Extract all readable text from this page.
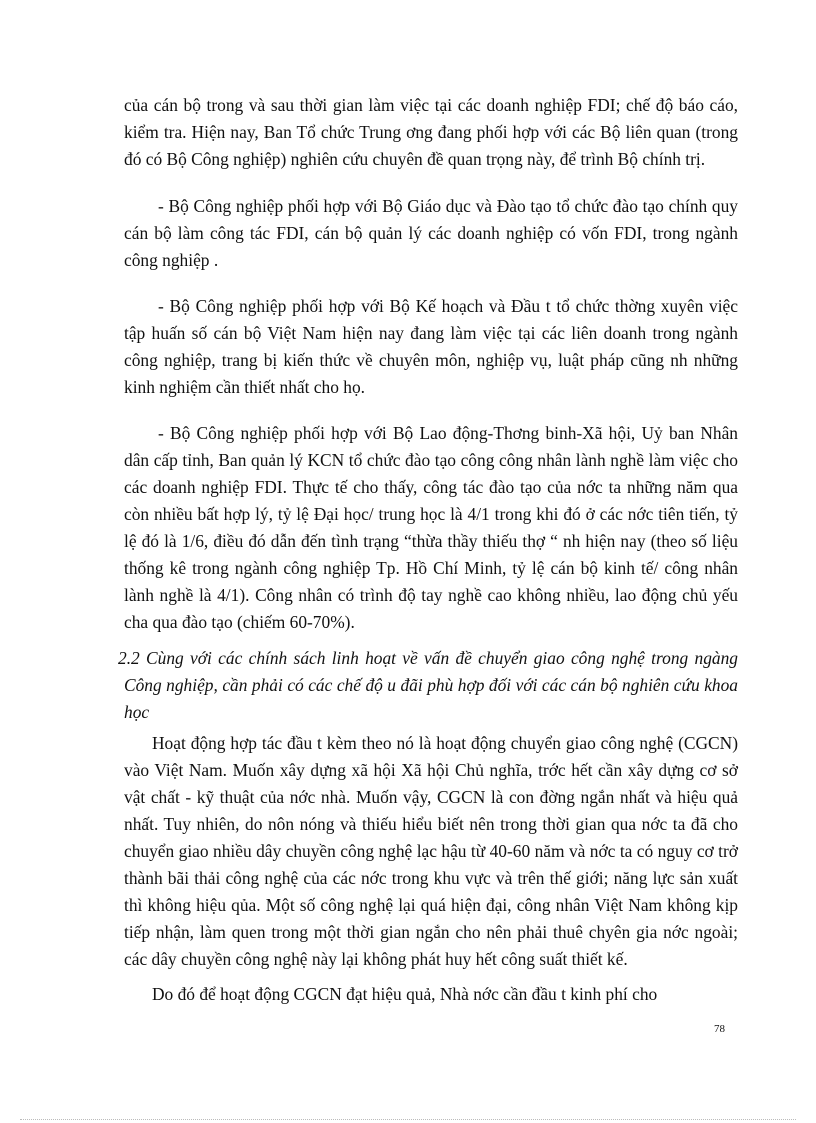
của cán bộ trong và sau thời gian làm việc tại các doanh nghiệp FDI; chế độ báo cáo, kiểm tra. Hiện nay, Ban Tổ chức Trung ơng đang phối hợp với các Bộ liên quan (trong đó có Bộ Công nghiệp) nghiên cứu chuyên đề quan trọng này, để trình Bộ chính trị.

- Bộ Công nghiệp phối hợp với Bộ Giáo dục và Đào tạo tổ chức đào tạo chính quy cán bộ làm công tác FDI, cán bộ quản lý các doanh nghiệp có vốn FDI, trong ngành công nghiệp .

- Bộ Công nghiệp phối hợp với Bộ Kế hoạch và Đầu t tổ chức thờng xuyên việc tập huấn số cán bộ Việt Nam hiện nay đang làm việc tại các liên doanh trong ngành công nghiệp, trang bị kiến thức về chuyên môn, nghiệp vụ, luật pháp cũng nh những kinh nghiệm cần thiết nhất cho họ.

- Bộ Công nghiệp phối hợp với Bộ Lao động-Thơng binh-Xã hội, Uỷ ban Nhân dân cấp tỉnh, Ban quản lý KCN tổ chức đào tạo công công nhân lành nghề làm việc cho các doanh nghiệp FDI. Thực tế cho thấy, công tác đào tạo của nớc ta những năm qua còn nhiều bất hợp lý, tỷ lệ Đại học/ trung học là 4/1 trong khi đó ở các nớc tiên tiến, tỷ lệ đó là 1/6, điều đó dẫn đến tình trạng “thừa thầy thiếu thợ “ nh hiện nay (theo số liệu thống kê trong ngành công nghiệp Tp. Hồ Chí Minh, tỷ lệ cán bộ kinh tế/ công nhân lành nghề là 4/1). Công nhân có trình độ tay nghề cao không nhiều, lao động chủ yếu cha qua đào tạo (chiếm 60-70%).

2.2 Cùng với các chính sách linh hoạt về vấn đề chuyển giao công nghệ trong ngàng Công nghiệp, cần phải có các chế độ u đãi phù hợp đối với các cán bộ nghiên cứu khoa học

Hoạt động hợp tác đầu t kèm theo nó là hoạt động chuyển giao công nghệ (CGCN) vào Việt Nam. Muốn xây dựng xã hội Xã hội Chủ nghĩa, trớc hết cần xây dựng cơ sở vật chất - kỹ thuật của nớc nhà. Muốn vậy, CGCN là con đờng ngắn nhất và hiệu quả nhất. Tuy nhiên, do nôn nóng và thiếu hiểu biết nên trong thời gian qua nớc ta đã cho chuyển giao nhiều dây chuyền công nghệ lạc hậu từ 40-60 năm và nớc ta có nguy cơ trở thành bãi thải công nghệ của các nớc trong khu vực và trên thế giới; năng lực sản xuất thì không hiệu qủa. Một số công nghệ lại quá hiện đại, công nhân Việt Nam không kịp tiếp nhận, làm quen trong một thời gian ngắn cho nên phải thuê chyên gia nớc ngoài; các dây chuyền công nghệ này lại không phát huy hết công suất thiết kế.

Do đó để hoạt động CGCN đạt hiệu quả, Nhà nớc cần đầu t kinh phí cho

78
